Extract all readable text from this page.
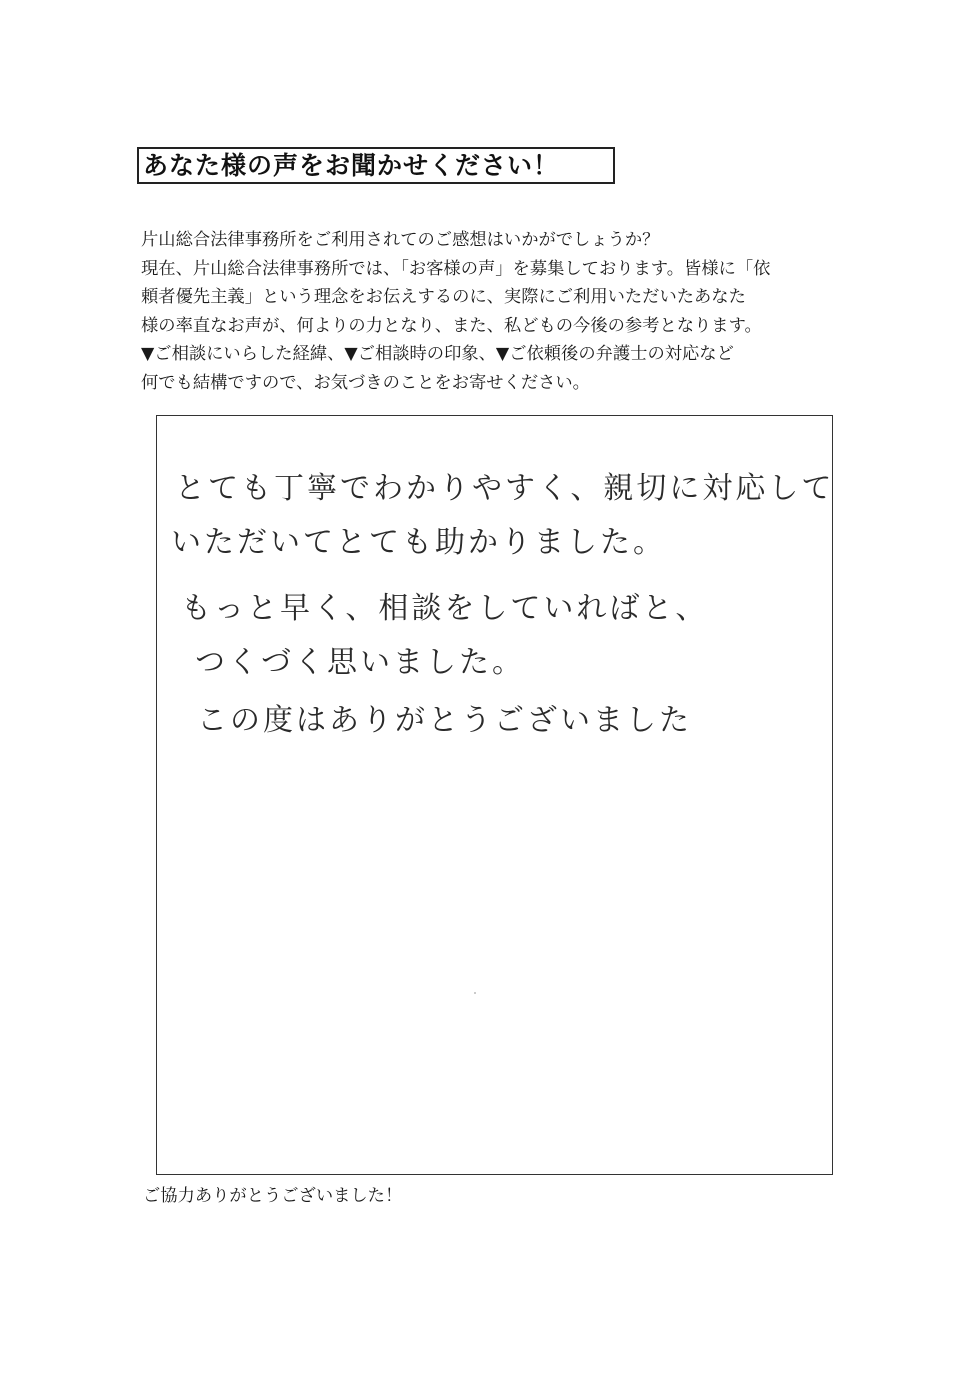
あなた様の声をお聞かせください！
片山総合法律事務所をご利用されてのご感想はいかがでしょうか？
現在、片山総合法律事務所では、「お客様の声」を募集しております。皆様に「依
頼者優先主義」という理念をお伝えするのに、実際にご利用いただいたあなた
様の率直なお声が、何よりの力となり、また、私どもの今後の参考となります。
▼ご相談にいらした経緯、▼ご相談時の印象、▼ご依頼後の弁護士の対応など
何でも結構ですので、お気づきのことをお寄せください。
とても丁寧でわかりやすく、親切に対応して
いただいてとても助かりました。
もっと早く、相談をしていればと、
つくづく思いました。
この度はありがとうございました
ご協力ありがとうございました！
